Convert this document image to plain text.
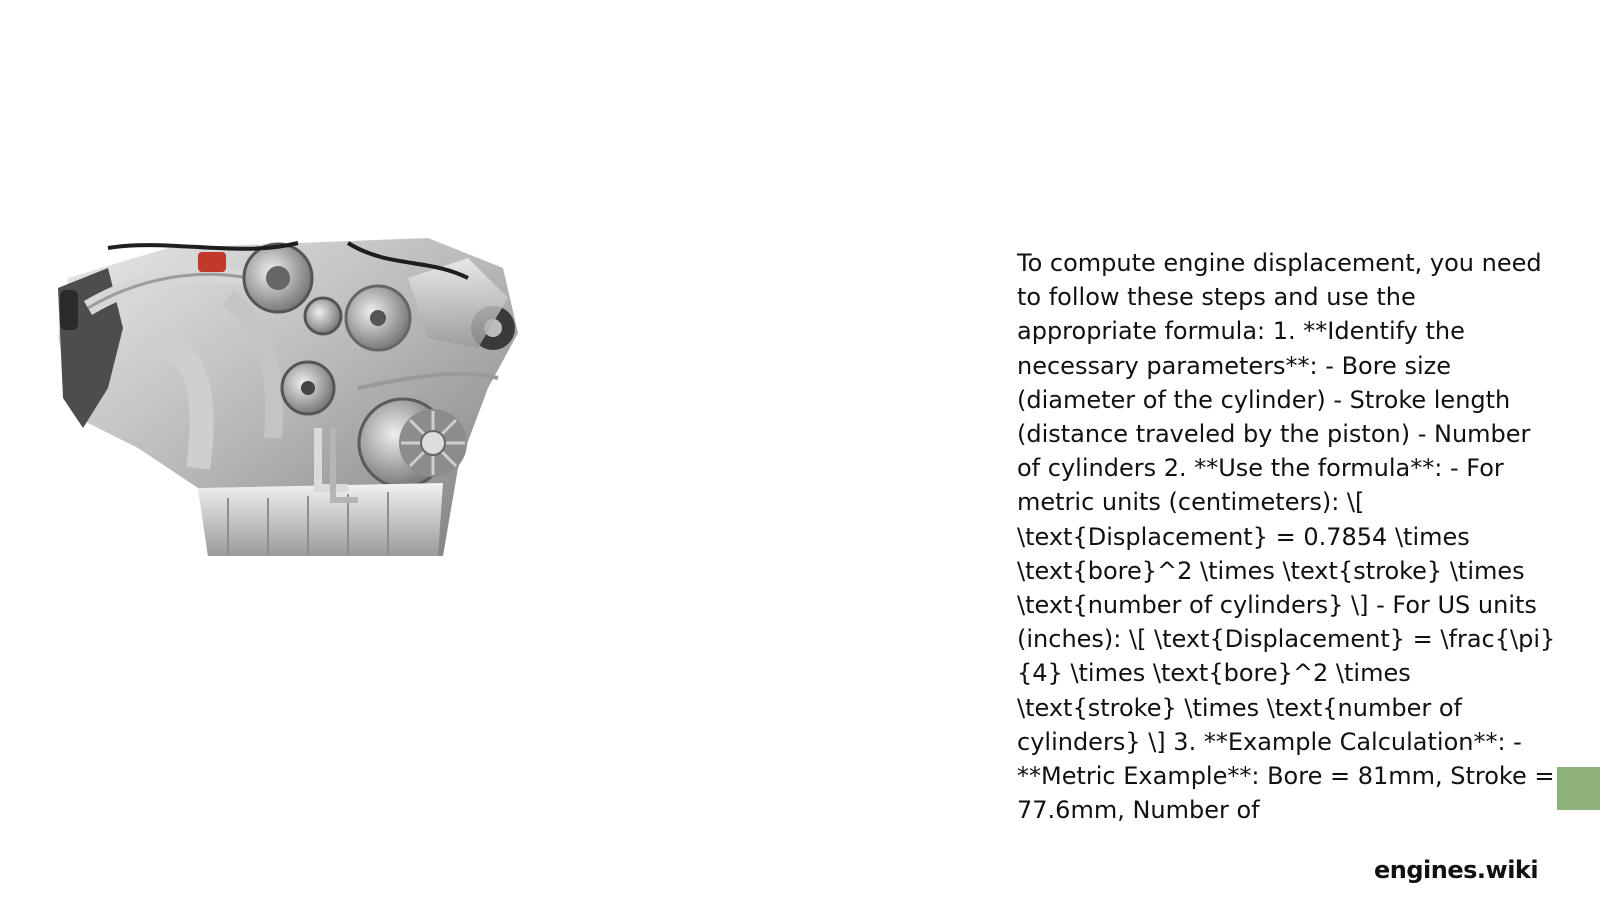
To compute engine displacement, you need to follow these steps and use the appropriate formula: 1. **Identify the necessary parameters**: - Bore size (diameter of the cylinder) - Stroke length (distance traveled by the piston) - Number of cylinders 2. **Use the formula**: - For metric units (centimeters): \[ \text{Displacement} = 0.7854 \times \text{bore}^2 \times \text{stroke} \times \text{number of cylinders} \] - For US units (inches): \[ \text{Displacement} = \frac{\pi}{4} \times \text{bore}^2 \times \text{stroke} \times \text{number of cylinders} \] 3. **Example Calculation**: - **Metric Example**: Bore = 81mm, Stroke = 77.6mm, Number of

engines.wiki
